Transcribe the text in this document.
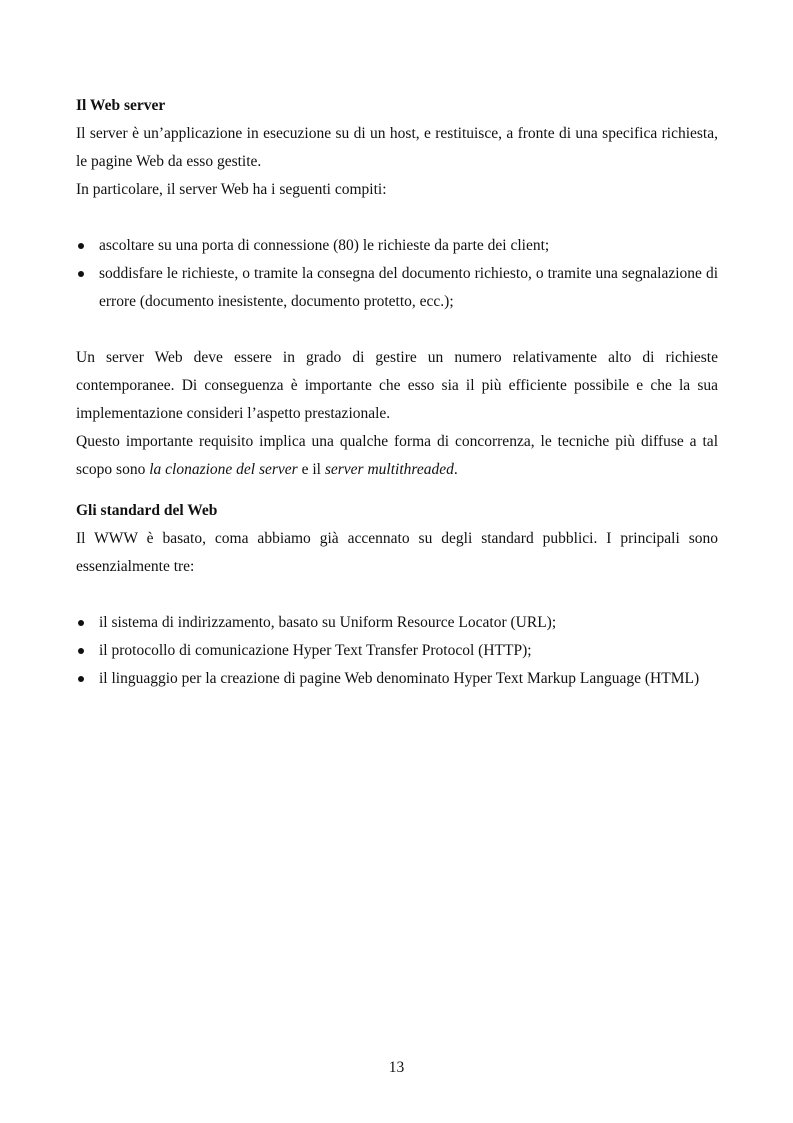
Il Web server

Il server è un’applicazione in esecuzione su di un host, e restituisce, a fronte di una specifica richiesta, le pagine Web da esso gestite.

In particolare, il server Web ha i seguenti compiti:

ascoltare su una porta di connessione (80) le richieste da parte dei client;
soddisfare le richieste, o tramite la consegna del documento richiesto, o tramite una segnalazione di errore (documento inesistente, documento protetto, ecc.);

Un server Web deve essere in grado di gestire un numero relativamente alto di richieste contemporanee. Di conseguenza è importante che esso sia il più efficiente possibile e che la sua implementazione consideri l’aspetto prestazionale.

Questo importante requisito implica una qualche forma di concorrenza, le tecniche più diffuse a tal scopo sono la clonazione del server e il server multithreaded.

Gli standard del Web

Il WWW è basato, coma abbiamo già accennato su degli standard pubblici. I principali sono essenzialmente tre:

il sistema di indirizzamento, basato su Uniform Resource Locator (URL);
il protocollo di comunicazione Hyper Text Transfer Protocol (HTTP);
il linguaggio per la creazione di pagine Web denominato Hyper Text Markup Language (HTML)
13
